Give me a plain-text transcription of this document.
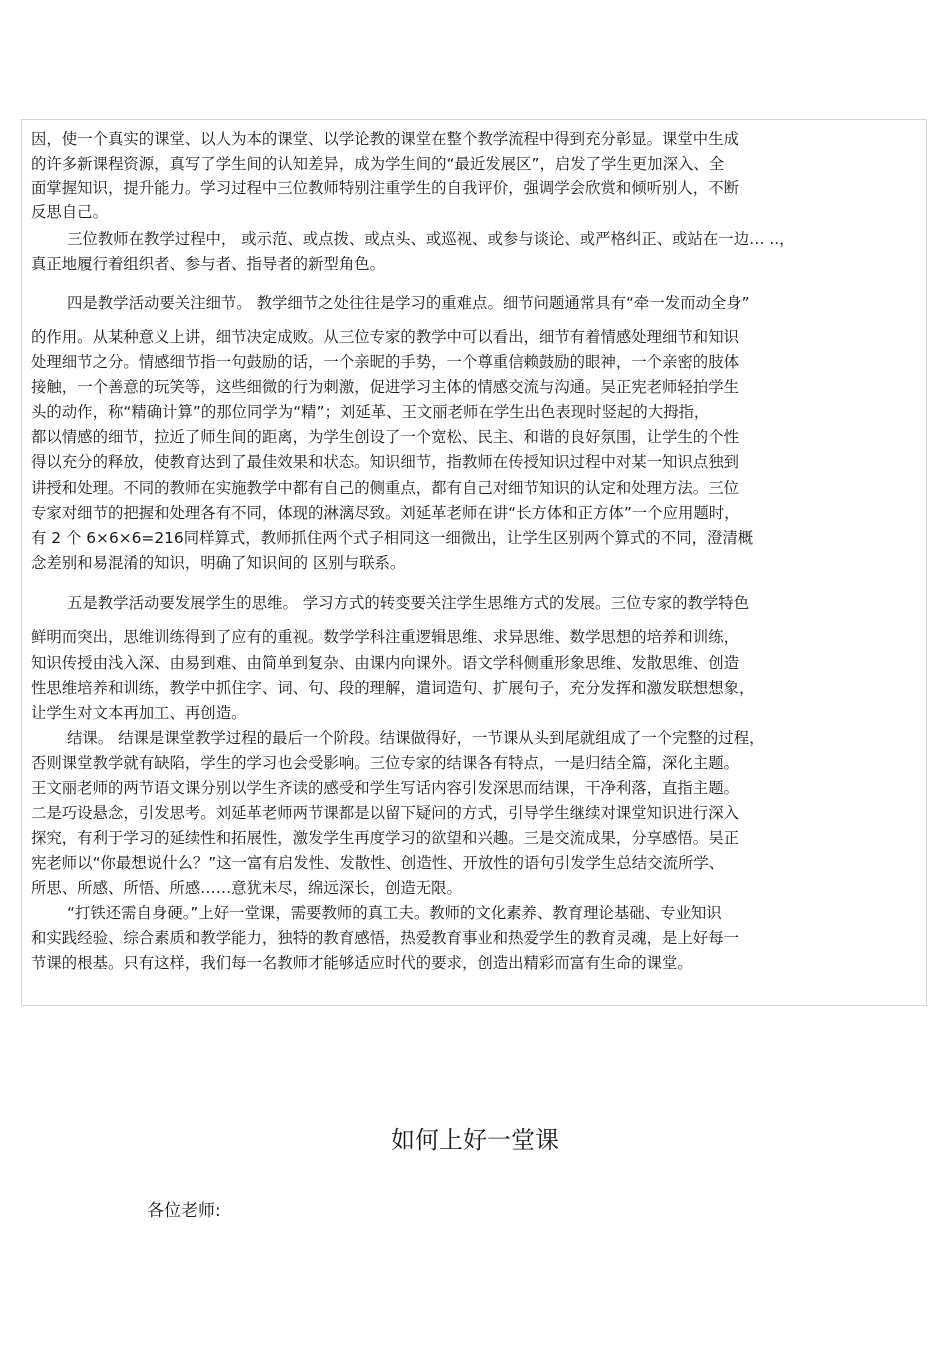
因，使一个真实的课堂、以人为本的课堂、以学论教的课堂在整个教学流程中得到充分彰显。课堂中生成

的许多新课程资源，真写了学生间的认知差异，成为学生间的“最近发展区”，启发了学生更加深入、全

面掌握知识，提升能力。学习过程中三位教师特别注重学生的自我评价，强调学会欣赏和倾听别人，不断

反思自己。

三位教师在教学过程中， 或示范、或点拨、或点头、或巡视、或参与谈论、或严格纠正、或站在一边… ..，

真正地履行着组织者、参与者、指导者的新型角色。

四是教学活动要关注细节。 教学细节之处往往是学习的重难点。细节问题通常具有“牵一发而动全身”

的作用。从某种意义上讲，细节决定成败。从三位专家的教学中可以看出，细节有着情感处理细节和知识

处理细节之分。情感细节指一句鼓励的话，一个亲昵的手势，一个尊重信赖鼓励的眼神，一个亲密的肢体

接触，一个善意的玩笑等，这些细微的行为刺激，促进学习主体的情感交流与沟通。吴正宪老师轻拍学生

头的动作，称“精确计算”的那位同学为“精”；刘延革、王文丽老师在学生出色表现时竖起的大拇指，

都以情感的细节，拉近了师生间的距离，为学生创设了一个宽松、民主、和谐的良好氛围，让学生的个性

得以充分的释放，使教育达到了最佳效果和状态。知识细节，指教师在传授知识过程中对某一知识点独到

讲授和处理。不同的教师在实施教学中都有自己的侧重点，都有自己对细节知识的认定和处理方法。三位

专家对细节的把握和处理各有不同，体现的淋漓尽致。刘延革老师在讲“长方体和正方体”一个应用题时，

有 2 个 6×6×6=216同样算式，教师抓住两个式子相同这一细微出，让学生区别两个算式的不同，澄清概

念差别和易混淆的知识，明确了知识间的 区别与联系。

五是教学活动要发展学生的思维。 学习方式的转变要关注学生思维方式的发展。三位专家的教学特色

鲜明而突出，思维训练得到了应有的重视。数学学科注重逻辑思维、求异思维、数学思想的培养和训练，

知识传授由浅入深、由易到难、由简单到复杂、由课内向课外。语文学科侧重形象思维、发散思维、创造

性思维培养和训练，教学中抓住字、词、句、段的理解，遣词造句、扩展句子，充分发挥和激发联想想象，

让学生对文本再加工、再创造。

结课。 结课是课堂教学过程的最后一个阶段。结课做得好，一节课从头到尾就组成了一个完整的过程，

否则课堂教学就有缺陷，学生的学习也会受影响。三位专家的结课各有特点，一是归结全篇，深化主题。

王文丽老师的两节语文课分别以学生齐读的感受和学生写话内容引发深思而结课，干净利落，直指主题。

二是巧设悬念，引发思考。刘延革老师两节课都是以留下疑问的方式，引导学生继续对课堂知识进行深入

探究，有利于学习的延续性和拓展性，激发学生再度学习的欲望和兴趣。三是交流成果，分享感悟。吴正

宪老师以“你最想说什么？”这一富有启发性、发散性、创造性、开放性的语句引发学生总结交流所学、

所思、所感、所悟、所感……意犹未尽，绵远深长，创造无限。

“打铁还需自身硬。”上好一堂课，需要教师的真工夫。教师的文化素养、教育理论基础、专业知识

和实践经验、综合素质和教学能力，独特的教育感悟，热爱教育事业和热爱学生的教育灵魂，是上好每一

节课的根基。只有这样，我们每一名教师才能够适应时代的要求，创造出精彩而富有生命的课堂。

如何上好一堂课

各位老师:
